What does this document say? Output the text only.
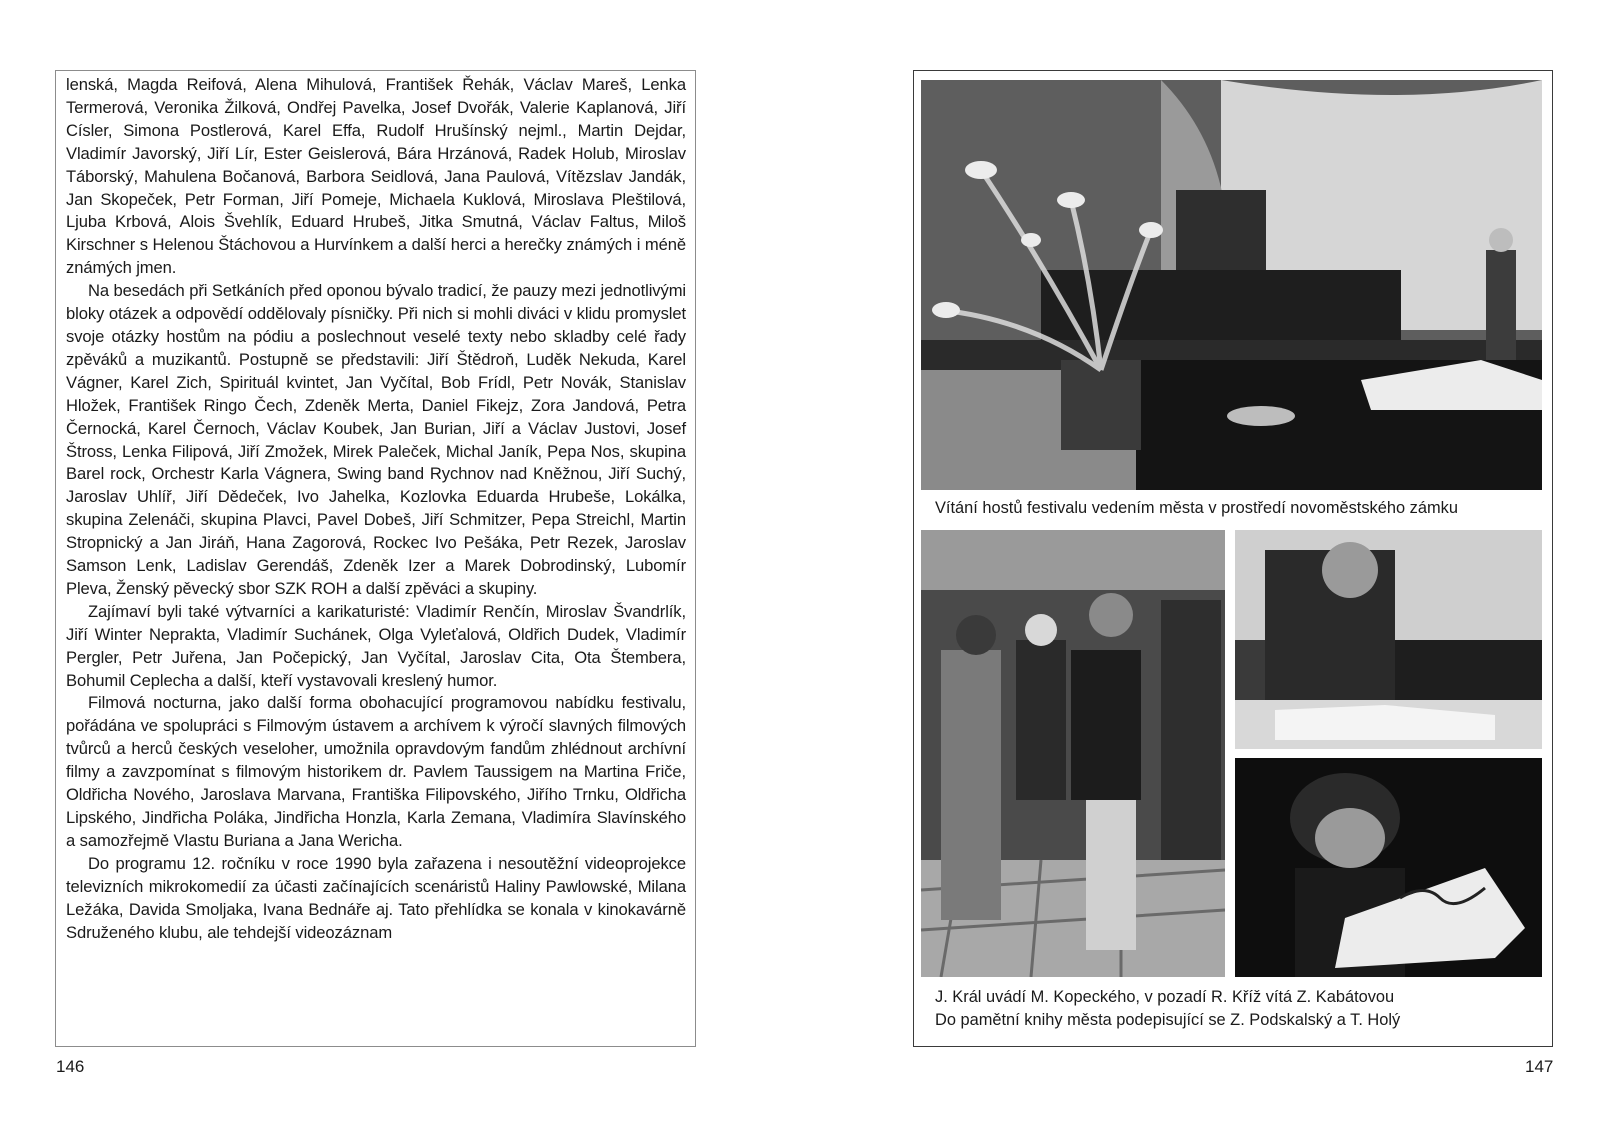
lenská, Magda Reifová, Alena Mihulová, František Řehák, Václav Mareš, Lenka Termerová, Veronika Žilková, Ondřej Pavelka, Josef Dvořák, Valerie Kaplanová, Jiří Císler, Simona Postlerová, Karel Effa, Rudolf Hrušínský nejml., Martin Dejdar, Vladimír Javorský, Jiří Lír, Ester Geislerová, Bára Hrzánová, Radek Holub, Miroslav Táborský, Mahulena Bočanová, Barbora Seidlová, Jana Paulová, Vítězslav Jandák, Jan Skopeček, Petr Forman, Jiří Pomeje, Michaela Kuklová, Miroslava Pleštilová, Ljuba Krbová, Alois Švehlík, Eduard Hrubeš, Jitka Smutná, Václav Faltus, Miloš Kirschner s Helenou Štáchovou a Hurvínkem a další herci a herečky známých i méně známých jmen.

Na besedách při Setkáních před oponou bývalo tradicí, že pauzy mezi jednotlivými bloky otázek a odpovědí oddělovaly písničky. Při nich si mohli diváci v klidu promyslet svoje otázky hostům na pódiu a poslechnout veselé texty nebo skladby celé řady zpěváků a muzikantů. Postupně se představili: Jiří Štědroň, Luděk Nekuda, Karel Vágner, Karel Zich, Spirituál kvintet, Jan Vyčítal, Bob Frídl, Petr Novák, Stanislav Hložek, František Ringo Čech, Zdeněk Merta, Daniel Fikejz, Zora Jandová, Petra Černocká, Karel Černoch, Václav Koubek, Jan Burian, Jiří a Václav Justovi, Josef Štross, Lenka Filipová, Jiří Zmožek, Mirek Paleček, Michal Janík, Pepa Nos, skupina Barel rock, Orchestr Karla Vágnera, Swing band Rychnov nad Kněžnou, Jiří Suchý, Jaroslav Uhlíř, Jiří Dědeček, Ivo Jahelka, Kozlovka Eduarda Hrubeše, Lokálka, skupina Zelenáči, skupina Plavci, Pavel Dobeš, Jiří Schmitzer, Pepa Streichl, Martin Stropnický a Jan Jiráň, Hana Zagorová, Rockec Ivo Pešáka, Petr Rezek, Jaroslav Samson Lenk, Ladislav Gerendáš, Zdeněk Izer a Marek Dobrodinský, Lubomír Pleva, Ženský pěvecký sbor SZK ROH a další zpěváci a skupiny.

Zajímaví byli také výtvarníci a karikaturisté: Vladimír Renčín, Miroslav Švandrlík, Jiří Winter Neprakta, Vladimír Suchánek, Olga Vyleťalová, Oldřich Dudek, Vladimír Pergler, Petr Juřena, Jan Počepický, Jan Vyčítal, Jaroslav Cita, Ota Štembera, Bohumil Ceplecha a další, kteří vystavovali kreslený humor.

Filmová nocturna, jako další forma obohacující programovou nabídku festivalu, pořádána ve spolupráci s Filmovým ústavem a archívem k výročí slavných filmových tvůrců a herců českých veseloher, umožnila opravdovým fandům zhlédnout archívní filmy a zavzpomínat s filmovým historikem dr. Pavlem Taussigem na Martina Friče, Oldřicha Nového, Jaroslava Marvana, Františka Filipovského, Jiřího Trnku, Oldřicha Lipského, Jindřicha Poláka, Jindřicha Honzla, Karla Zemana, Vladimíra Slavínského a samozřejmě Vlastu Buriana a Jana Wericha.

Do programu 12. ročníku v roce 1990 byla zařazena i nesoutěžní videoprojekce televizních mikrokomedií za účasti začínajících scenáristů Haliny Pawlowské, Milana Ležáka, Davida Smoljaka, Ivana Bednáře aj. Tato přehlídka se konala v kinokavárně Sdruženého klubu, ale tehdejší videozáznam

146

Vítání hostů festivalu vedením města v prostředí novoměstského zámku

J. Král uvádí M. Kopeckého, v pozadí R. Kříž vítá Z. Kabátovou

Do pamětní knihy města podepisující se Z. Podskalský a T. Holý

147
